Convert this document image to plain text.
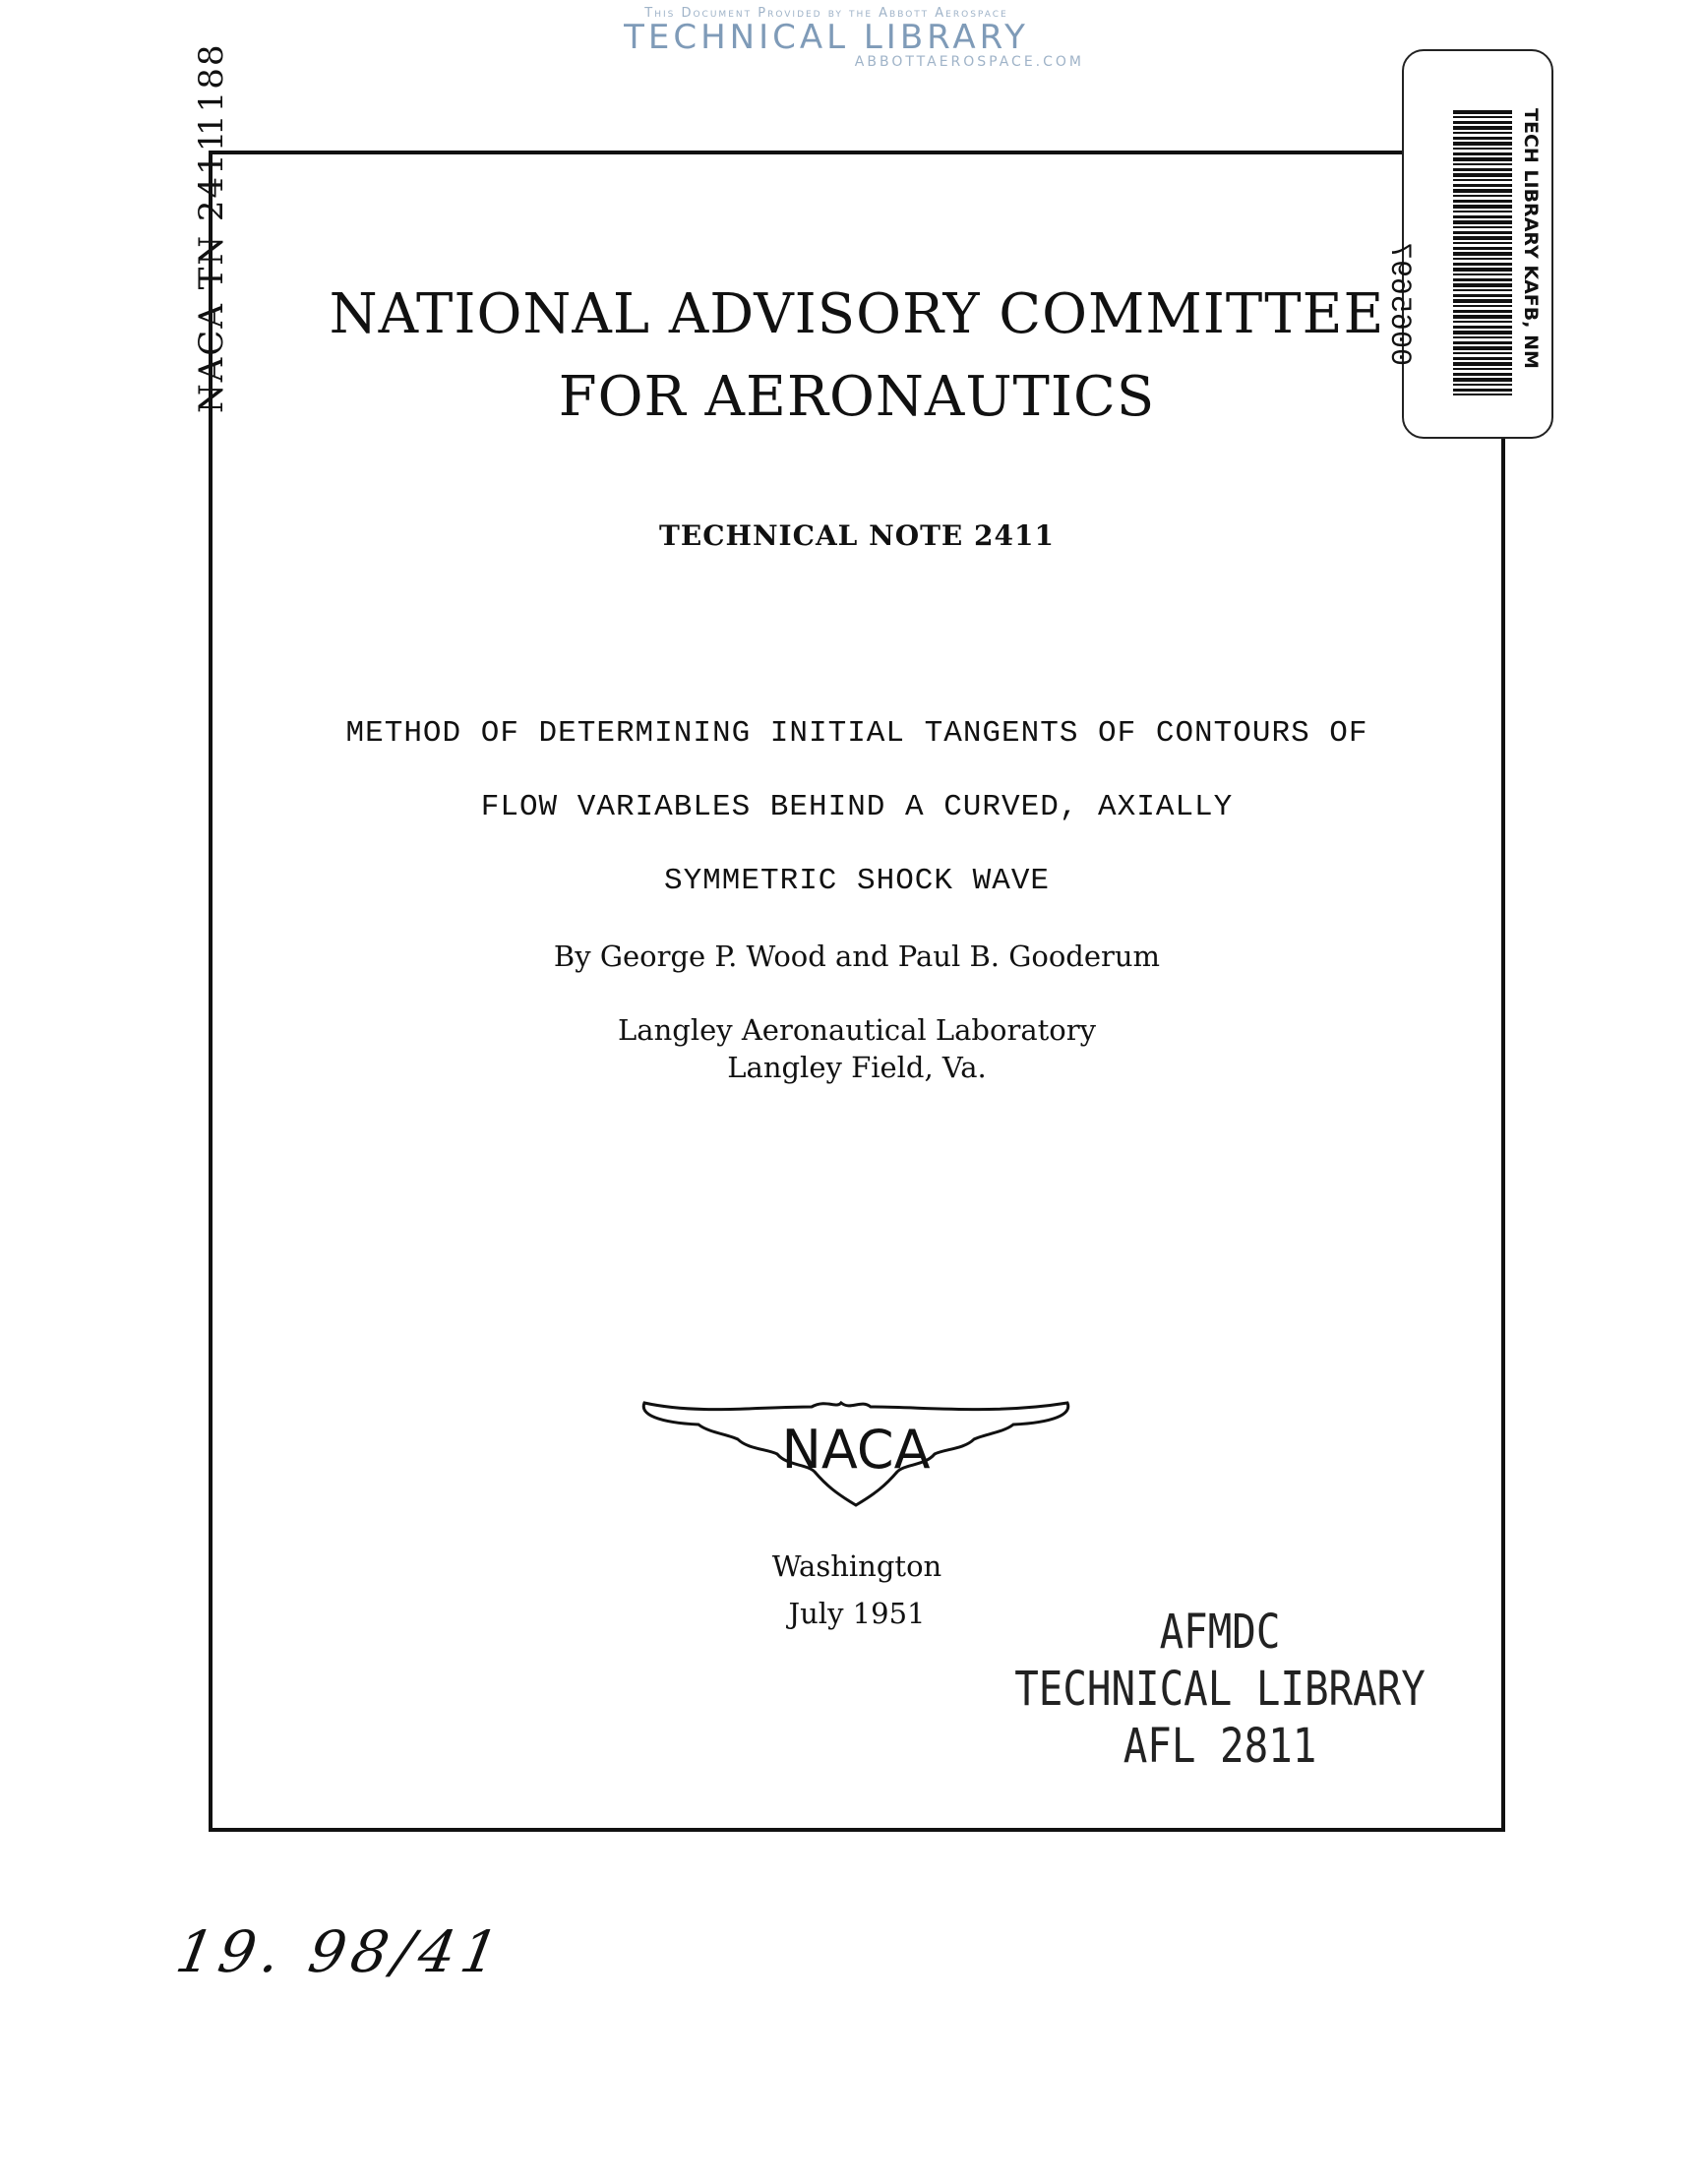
This Document Provided by the Abbott Aerospace
TECHNICAL LIBRARY
ABBOTTAEROSPACE.COM
NACA TN 2411
1188
TECH LIBRARY KAFB, NM
0065697
NATIONAL ADVISORY COMMITTEE
FOR AERONAUTICS
TECHNICAL NOTE 2411
METHOD OF DETERMINING INITIAL TANGENTS OF CONTOURS OF
FLOW VARIABLES BEHIND A CURVED, AXIALLY
SYMMETRIC SHOCK WAVE
By George P. Wood and Paul B. Gooderum
Langley Aeronautical Laboratory
Langley Field, Va.
NACA
Washington
July 1951	AFMDC
TECHNICAL LIBRARY
AFL 2811
19. 98/41
